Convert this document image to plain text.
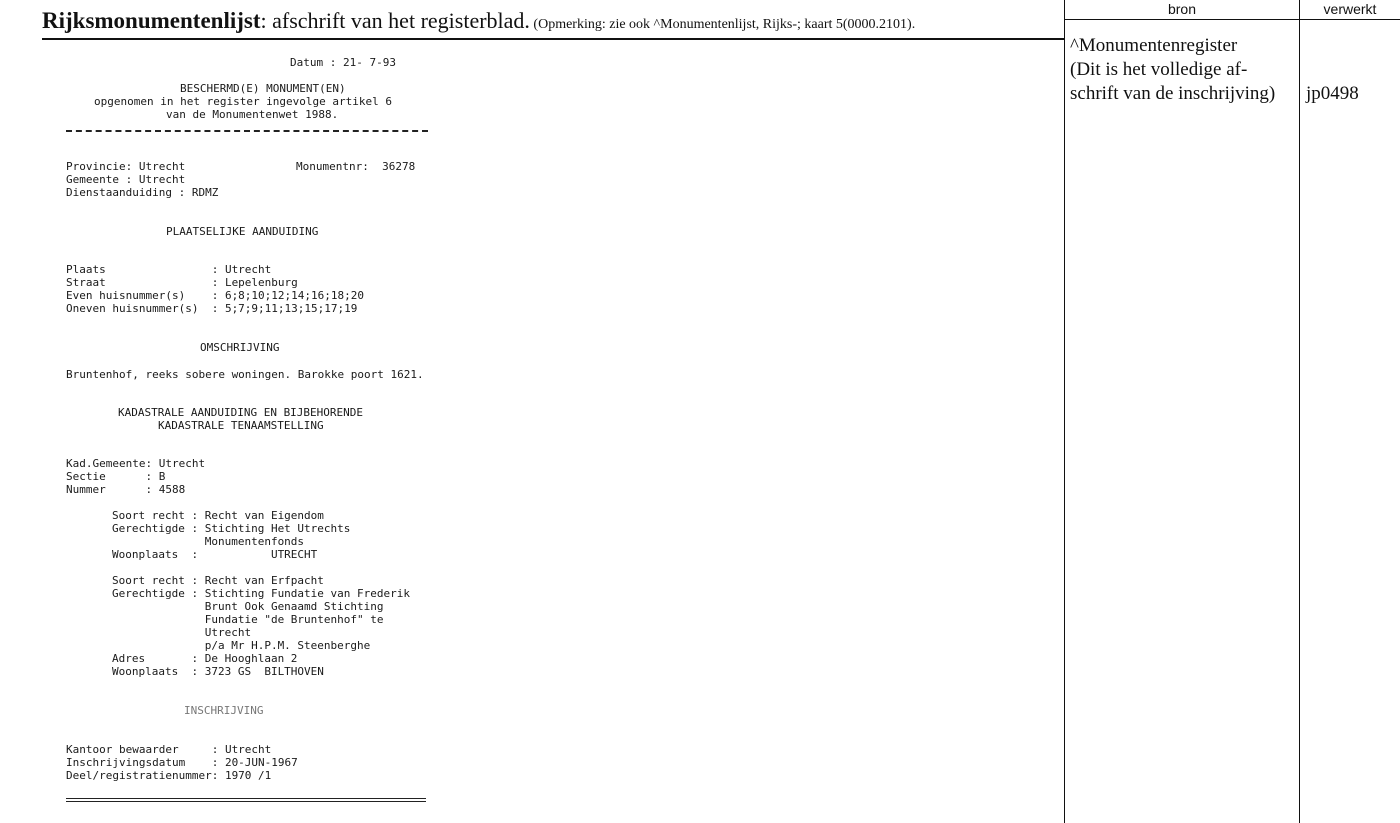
Rijksmonumentenlijst: afschrift van het registerblad. (Opmerking: zie ook ^Monumentenlijst, Rijks-; kaart 5(0000.2101).
bron	verwerkt
^Monumentenregister
(Dit is het volledige af-
schrift van de inschrijving)	jp0498
Datum : 21- 7-93
BESCHERMD(E) MONUMENT(EN)
opgenomen in het register ingevolge artikel 6
van de Monumentenwet 1988.
Provincie: Utrecht	Monumentnr:  36278
Gemeente : Utrecht
Dienstaanduiding : RDMZ
PLAATSELIJKE AANDUIDING
Plaats                : Utrecht
Straat                : Lepelenburg
Even huisnummer(s)    : 6;8;10;12;14;16;18;20
Oneven huisnummer(s)  : 5;7;9;11;13;15;17;19
OMSCHRIJVING
Bruntenhof, reeks sobere woningen. Barokke poort 1621.
KADASTRALE AANDUIDING EN BIJBEHORENDE
KADASTRALE TENAAMSTELLING
Kad.Gemeente: Utrecht
Sectie      : B
Nummer      : 4588
Soort recht : Recht van Eigendom
Gerechtigde : Stichting Het Utrechts
Monumentenfonds
Woonplaats  :           UTRECHT
Soort recht : Recht van Erfpacht
Gerechtigde : Stichting Fundatie van Frederik
Brunt Ook Genaamd Stichting
Fundatie "de Bruntenhof" te
Utrecht
p/a Mr H.P.M. Steenberghe
Adres       : De Hooghlaan 2
Woonplaats  : 3723 GS  BILTHOVEN
INSCHRIJVING
Kantoor bewaarder     : Utrecht
Inschrijvingsdatum    : 20-JUN-1967
Deel/registratienummer: 1970 /1
